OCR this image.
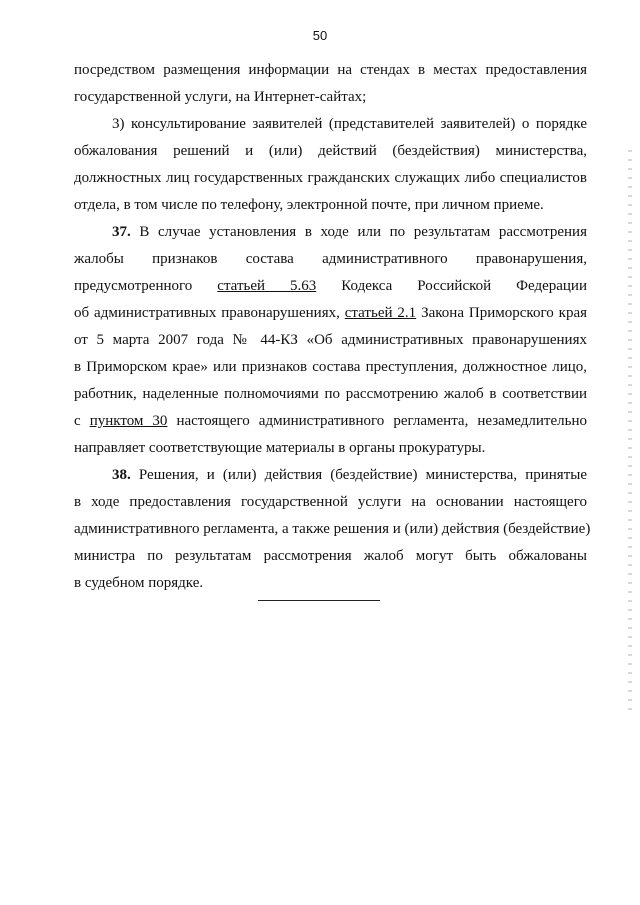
50
посредством размещения информации на стендах в местах предоставления
государственной услуги, на Интернет-сайтах;
3) консультирование заявителей (представителей заявителей) о порядке
обжалования решений и (или) действий (бездействия) министерства,
должностных лиц государственных гражданских служащих либо специалистов
отдела, в том числе по телефону, электронной почте, при личном приеме.
37. В случае установления в ходе или по результатам рассмотрения
жалобы признаков состава административного правонарушения,
предусмотренного статьей 5.63 Кодекса Российской Федерации
об административных правонарушениях, статьей 2.1 Закона Приморского края
от 5 марта 2007 года № 44-КЗ «Об административных правонарушениях
в Приморском крае» или признаков состава преступления, должностное лицо,
работник, наделенные полномочиями по рассмотрению жалоб в соответствии
с пунктом 30 настоящего административного регламента, незамедлительно
направляет соответствующие материалы в органы прокуратуры.
38. Решения, и (или) действия (бездействие) министерства, принятые
в ходе предоставления государственной услуги на основании настоящего
административного регламента, а также решения и (или) действия (бездействие)
министра по результатам рассмотрения жалоб могут быть обжалованы
в судебном порядке.
